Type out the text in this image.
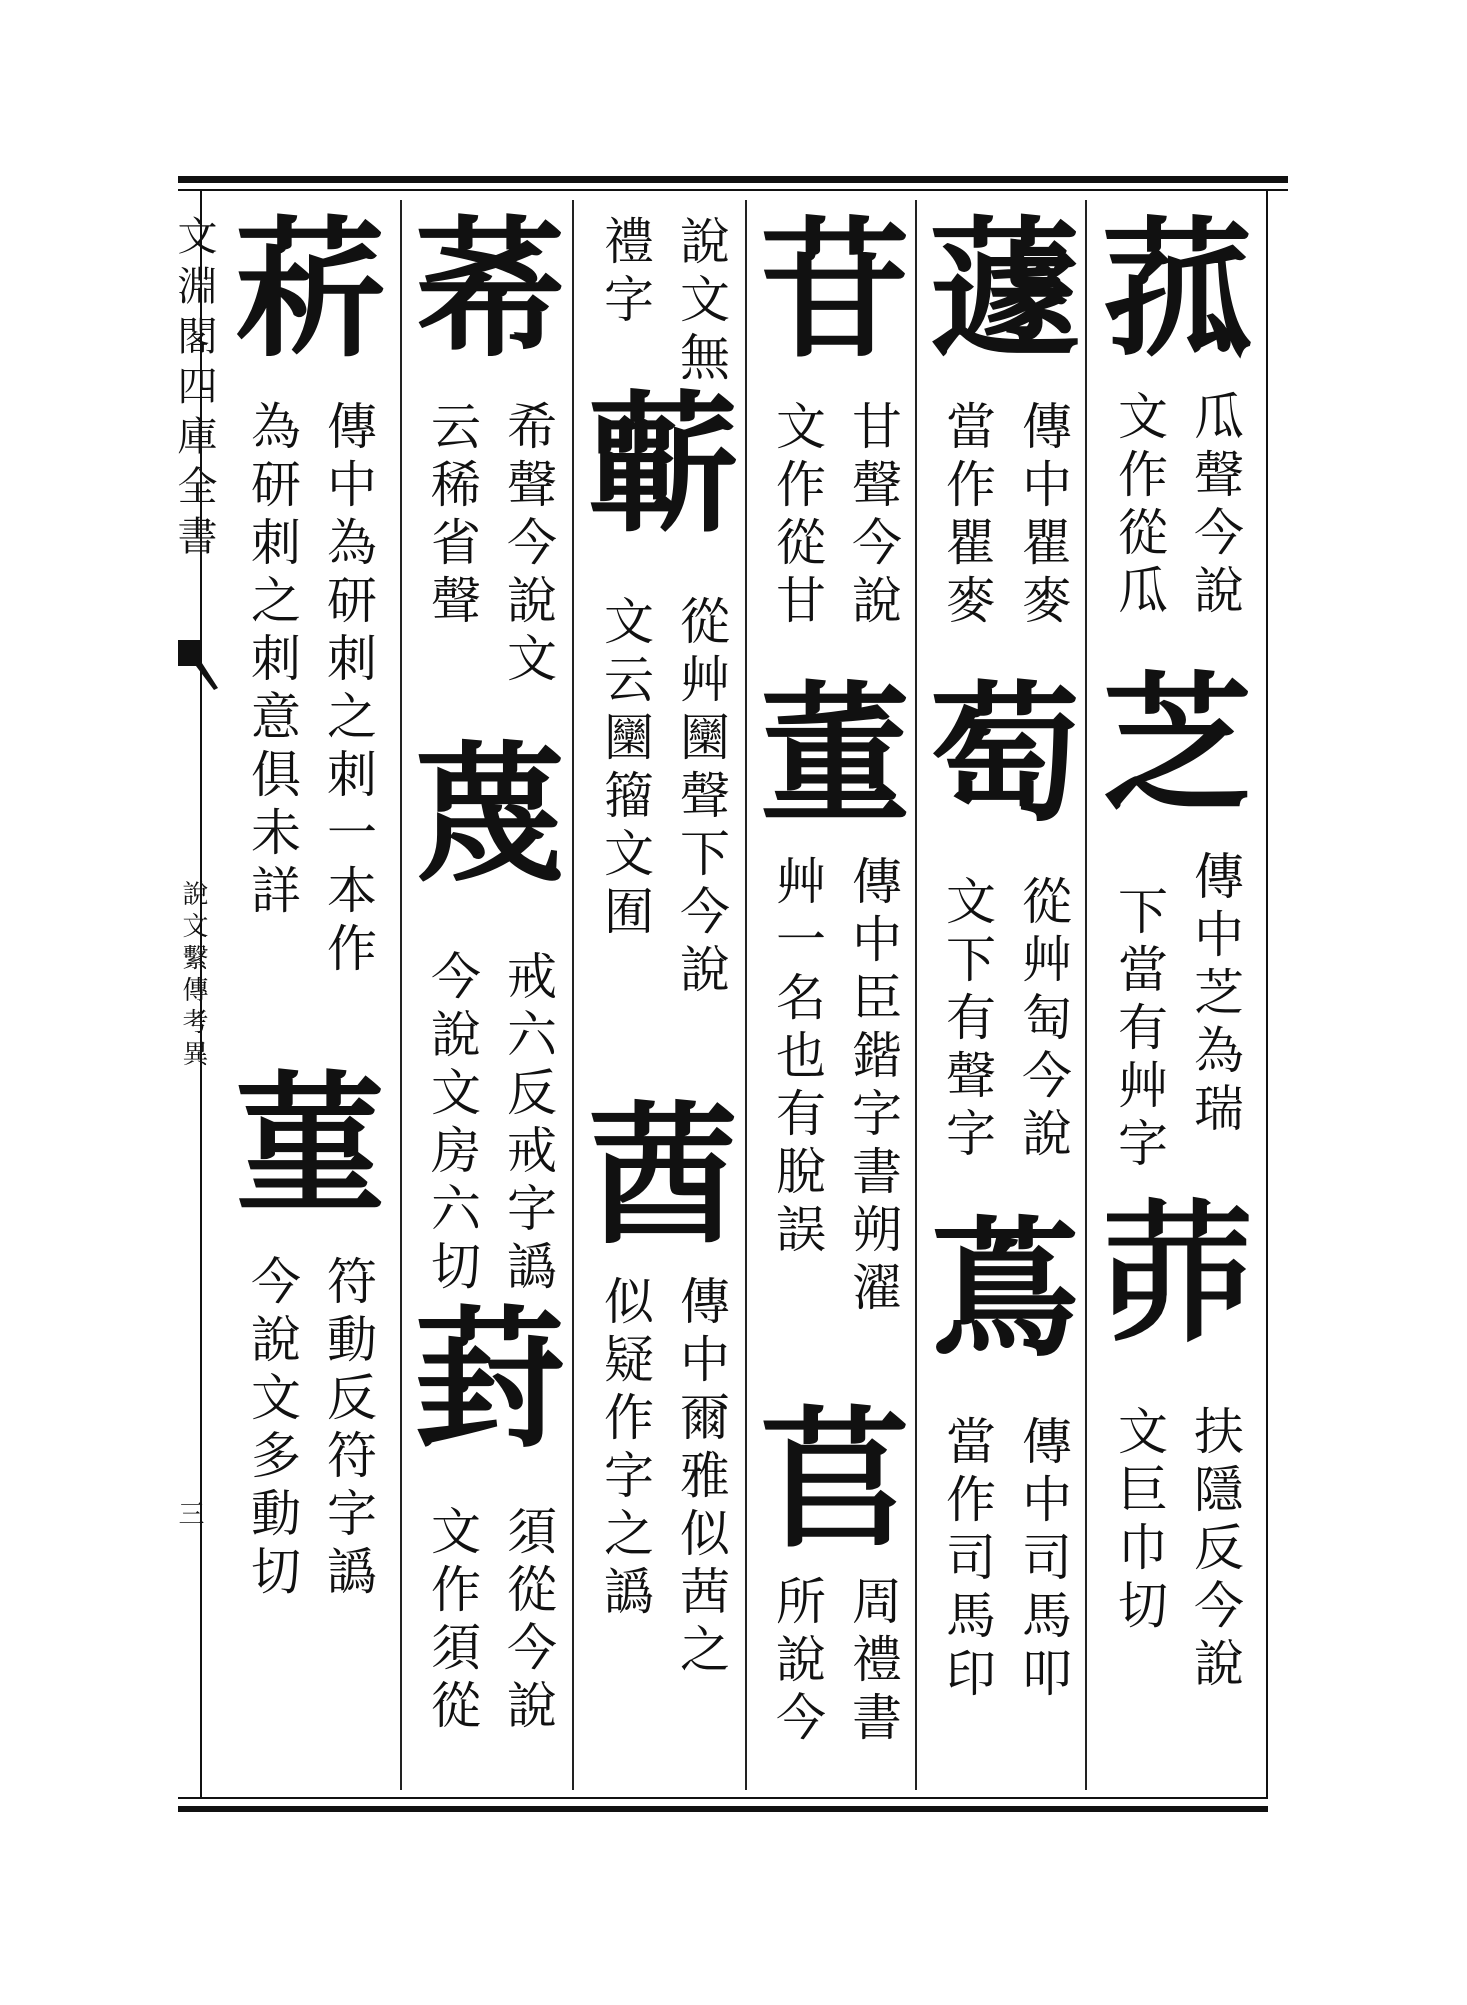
文淵閣四庫全書
說文繫傳考異
三
菰
瓜聲今說
文作從瓜
芝
傳中芝為瑞
下當有艸字
𦯄
扶隱反今說
文巨巾切
蘧
傳中瞿麥
當作瞿麥
萄
從艸匋今說
文下有聲字
蔦
傳中司馬叩
當作司馬印
苷
甘聲今說
文作從甘
董
傳中臣鍇字書朔濯
艸一名也有脫誤
苢
周禮書
所說今
說文無
禮字
蘄
從艸圞聲下今說
文云圞籀文囿
莤
傳中爾雅似茜之
似疑作字之譌
莃
希聲今說文
云稀省聲
蔑
戒六反戒字譌
今說文房六切
葑
須從今說
文作須從
菥
傳中為研刺之刺一本作
為研刺之刺意俱未詳
菫
符動反符字譌
今說文多動切
